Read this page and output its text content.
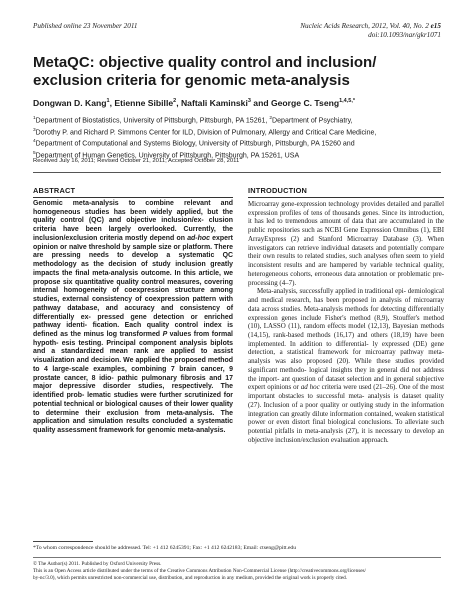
Published online 23 November 2011	Nucleic Acids Research, 2012, Vol. 40, No. 2 e15
doi:10.1093/nar/gkr1071
MetaQC: objective quality control and inclusion/
exclusion criteria for genomic meta-analysis
Dongwan D. Kang$^1$, Etienne Sibille$^2$, Naftali Kaminski$^3$ and George C. Tseng$^{1,4,5,*}$
$^1$Department of Biostatistics, University of Pittsburgh, Pittsburgh, PA 15261, $^2$Department of Psychiatry,
$^3$Dorothy P. and Richard P. Simmons Center for ILD, Division of Pulmonary, Allergy and Critical Care Medicine,
$^4$Department of Computational and Systems Biology, University of Pittsburgh, Pittsburgh, PA 15260 and
$^5$Department of Human Genetics, University of Pittsburgh, Pittsburgh, PA 15261, USA
Received July 16, 2011; Revised October 21, 2011; Accepted October 28, 2011
ABSTRACT	INTRODUCTION
Genomic meta-analysis to combine relevant and homogeneous studies has been widely applied, but the quality control (QC) and objective inclusion/ex- clusion criteria have been largely overlooked. Currently, the inclusion/exclusion criteria mostly depend on ad-hoc expert opinion or naïve threshold by sample size or platform. There are pressing needs to develop a systematic QC methodology as the decision of study inclusion greatly impacts the final meta-analysis outcome. In this article, we propose six quantitative quality control measures, covering internal homogeneity of coexpression structure among studies, external consistency of coexpression pattern with pathway database, and accuracy and consistency of differentially ex- pressed gene detection or enriched pathway identi- fication. Each quality control index is defined as the minus log transformed P values from formal hypoth- esis testing. Principal component analysis biplots and a standardized mean rank are applied to assist visualization and decision. We applied the proposed method to 4 large-scale examples, combining 7 brain cancer, 9 prostate cancer, 8 idio- pathic pulmonary fibrosis and 17 major depressive disorder studies, respectively. The identified prob- lematic studies were further scrutinized for potential technical or biological causes of their lower quality to determine their exclusion from meta-analysis. The application and simulation results concluded a systematic quality assessment framework for genomic meta-analysis.

Microarray gene-expression technology provides detailed and parallel expression profiles of tens of thousands genes. Since its introduction, it has led to tremendous amount of data that are accumulated in the public repositories such as NCBI Gene Expression Omnibus (1), EBI ArrayExpress (2) and Stanford Microarray Database (3). When investigators can retrieve individual datasets and potentially compare their own results to related studies, such analyses often seem to yield inconsistent results and are hampered by variable technical quality, heterogeneous cohorts, erroneous data annotation or problematic pre- processing (4–7).

Meta-analysis, successfully applied in traditional epi- demiological and medical research, has been proposed in analysis of microarray data across studies. Meta-analysis methods for detecting differentially expression genes include Fisher's method (8,9), Stouffer's method (10), LASSO (11), random effects model (12,13), Bayesian methods (14,15), rank-based methods (16,17) and others (18,19) have been implemented. In addition to differential- ly expressed (DE) gene detection, a statistical framework for microarray pathway meta-analysis was also proposed (20). While these studies provided significant methodo- logical insights they in general did not address the import- ant question of dataset selection and in general subjective expert opinions or ad hoc criteria were used (21–26). One of the most important obstacles to successful meta- analysis is dataset quality (27). Inclusion of a poor quality or outlying study in the information integration can greatly dilute information contained, weaken statistical power or even distort final biological conclusions. To alleviate such potential pitfalls in meta-analysis (27), it is necessary to develop an objective inclusion/exclusion evaluation approach.

*To whom correspondence should be addressed. Tel: +1 412 6245391; Fax: +1 412 6242183; Email: ctseng@pitt.edu
© The Author(s) 2011. Published by Oxford University Press.
This is an Open Access article distributed under the terms of the Creative Commons Attribution Non-Commercial License (http://creativecommons.org/licenses/
by-nc/3.0), which permits unrestricted non-commercial use, distribution, and reproduction in any medium, provided the original work is properly cited.
